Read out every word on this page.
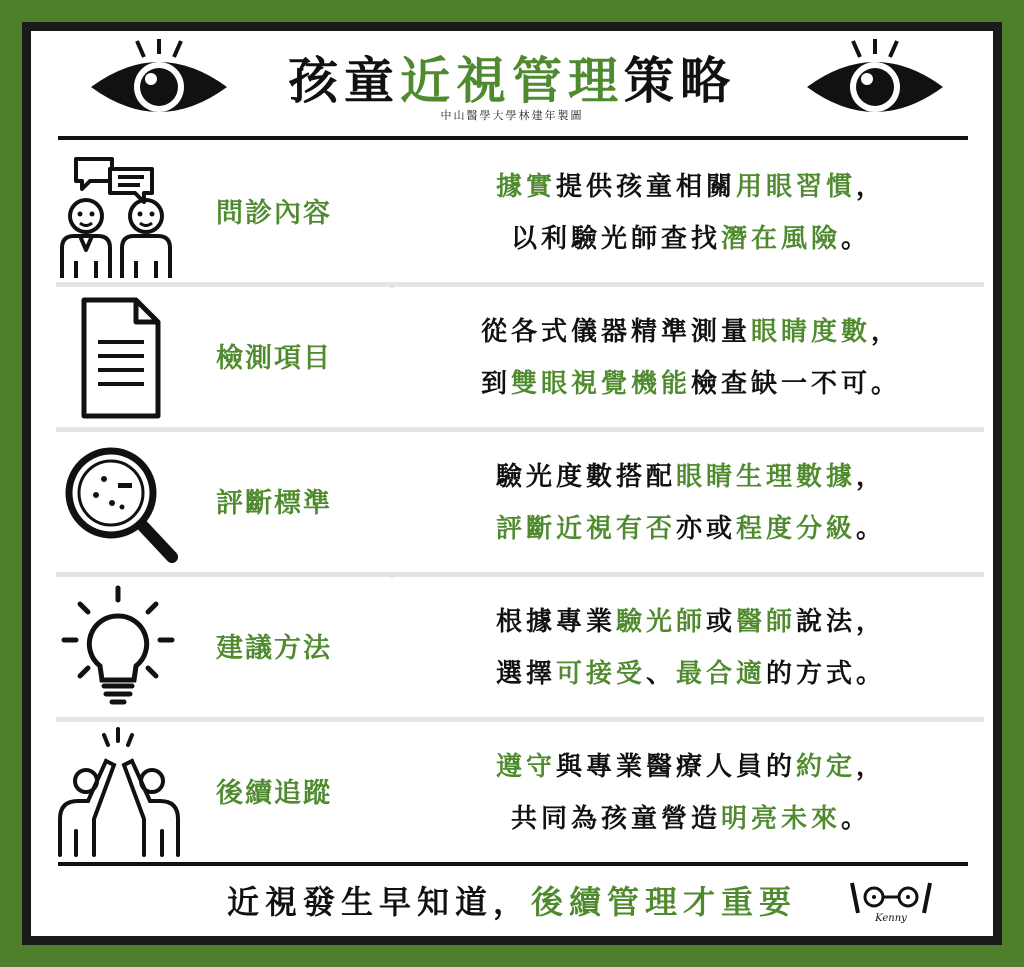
孩童近視管理策略
中山醫學大學林建年製圖
問診內容
據實提供孩童相關用眼習慣，
以利驗光師查找潛在風險。
檢測項目
從各式儀器精準測量眼睛度數，
到雙眼視覺機能檢查缺一不可。
評斷標準
驗光度數搭配眼睛生理數據，
評斷近視有否亦或程度分級。
建議方法
根據專業驗光師或醫師說法，
選擇可接受、最合適的方式。
後續追蹤
遵守與專業醫療人員的約定，
共同為孩童營造明亮未來。
近視發生早知道，後續管理才重要	Kenny
